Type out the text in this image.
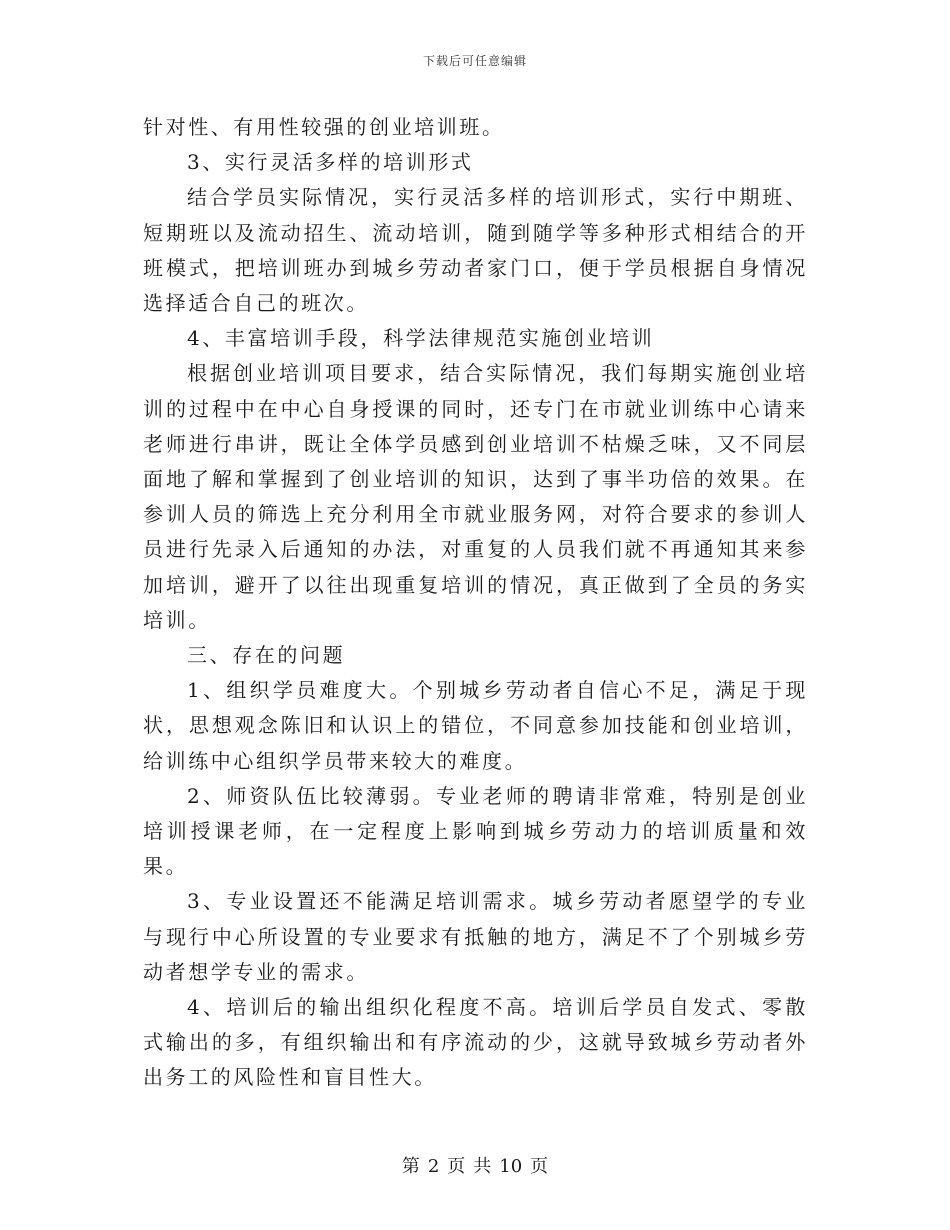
下载后可任意编辑

针对性、有用性较强的创业培训班。

3、实行灵活多样的培训形式

结合学员实际情况，实行灵活多样的培训形式，实行中期班、短期班以及流动招生、流动培训，随到随学等多种形式相结合的开班模式，把培训班办到城乡劳动者家门口，便于学员根据自身情况选择适合自己的班次。

4、丰富培训手段，科学法律规范实施创业培训

根据创业培训项目要求，结合实际情况，我们每期实施创业培训的过程中在中心自身授课的同时，还专门在市就业训练中心请来老师进行串讲，既让全体学员感到创业培训不枯燥乏味，又不同层面地了解和掌握到了创业培训的知识，达到了事半功倍的效果。在参训人员的筛选上充分利用全市就业服务网，对符合要求的参训人员进行先录入后通知的办法，对重复的人员我们就不再通知其来参加培训，避开了以往出现重复培训的情况，真正做到了全员的务实培训。

三、存在的问题

1、组织学员难度大。个别城乡劳动者自信心不足，满足于现状，思想观念陈旧和认识上的错位，不同意参加技能和创业培训，给训练中心组织学员带来较大的难度。

2、师资队伍比较薄弱。专业老师的聘请非常难，特别是创业培训授课老师，在一定程度上影响到城乡劳动力的培训质量和效果。

3、专业设置还不能满足培训需求。城乡劳动者愿望学的专业与现行中心所设置的专业要求有抵触的地方，满足不了个别城乡劳动者想学专业的需求。

4、培训后的输出组织化程度不高。培训后学员自发式、零散式输出的多，有组织输出和有序流动的少，这就导致城乡劳动者外出务工的风险性和盲目性大。

第 2 页 共 10 页
